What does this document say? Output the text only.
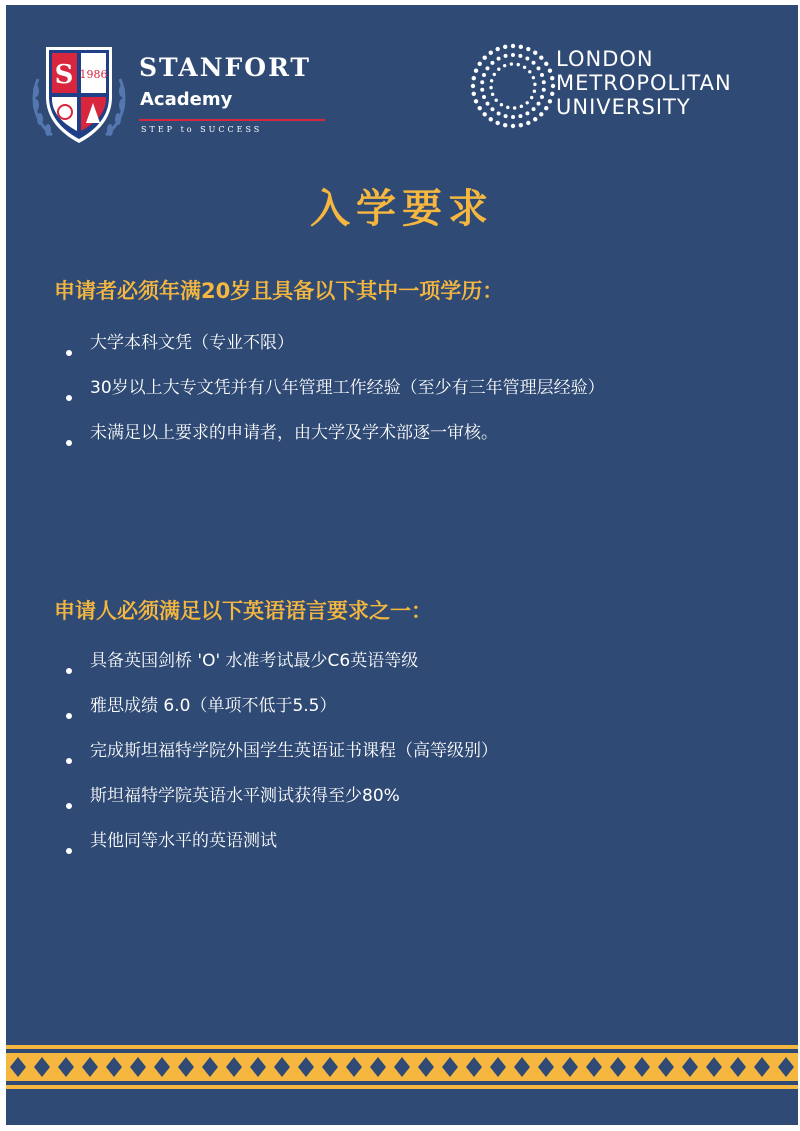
S 1986 STANFORT
Academy
STEP to SUCCESS
LONDON
METROPOLITAN
UNIVERSITY
入学要求
申请者必须年满20岁且具备以下其中一项学历：
大学本科文凭（专业不限）
30岁以上大专文凭并有八年管理工作经验（至少有三年管理层经验）
未满足以上要求的申请者，由大学及学术部逐一审核。
申请人必须满足以下英语语言要求之一：
具备英国剑桥 'O' 水准考试最少C6英语等级
雅思成绩 6.0（单项不低于5.5）
完成斯坦福特学院外国学生英语证书课程（高等级别）
斯坦福特学院英语水平测试获得至少80%
其他同等水平的英语测试
